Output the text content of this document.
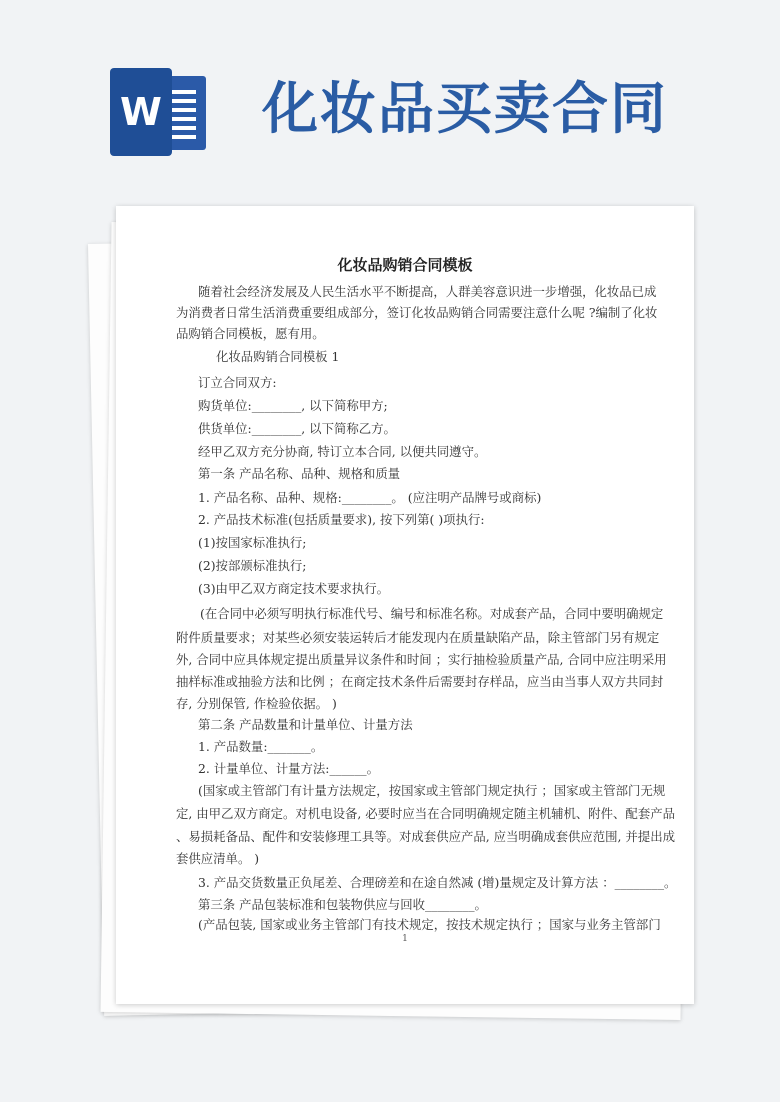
W 化妆品买卖合同
化妆品购销合同模板
随着社会经济发展及人民生活水平不断提高，人群美容意识进一步增强，化妆品已成
为消费者日常生活消费重要组成部分，签订化妆品购销合同需要注意什么呢 ?编制了化妆
品购销合同模板，愿有用。
化妆品购销合同模板 1
订立合同双方:
购货单位:________, 以下简称甲方;
供货单位:________, 以下简称乙方。
经甲乙双方充分协商, 特订立本合同, 以便共同遵守。
第一条 产品名称、品种、规格和质量
1. 产品名称、品种、规格:________。 (应注明产品牌号或商标)
2. 产品技术标准(包括质量要求), 按下列第( )项执行:
(1)按国家标准执行;
(2)按部颁标准执行;
(3)由甲乙双方商定技术要求执行。
(在合同中必须写明执行标准代号、编号和标准名称。对成套产品，合同中要明确规定
附件质量要求；对某些必须安装运转后才能发现内在质量缺陷产品，除主管部门另有规定
外, 合同中应具体规定提出质量异议条件和时间 ；实行抽检验质量产品, 合同中应注明采用
抽样标准或抽验方法和比例 ；在商定技术条件后需要封存样品，应当由当事人双方共同封
存, 分别保管, 作检验依据。 )
第二条 产品数量和计量单位、计量方法
1. 产品数量:_______。
2. 计量单位、计量方法:______。
(国家或主管部门有计量方法规定，按国家或主管部门规定执行 ；国家或主管部门无规
定, 由甲乙双方商定。对机电设备, 必要时应当在合同明确规定随主机辅机、附件、配套产品
、易损耗备品、配件和安装修理工具等。对成套供应产品, 应当明确成套供应范围, 并提出成
套供应清单。 )
3. 产品交货数量正负尾差、合理磅差和在途自然减 (增)量规定及计算方法 ：________。
第三条 产品包装标准和包装物供应与回收________。
(产品包装, 国家或业务主管部门有技术规定，按技术规定执行 ；国家与业务主管部门
1
